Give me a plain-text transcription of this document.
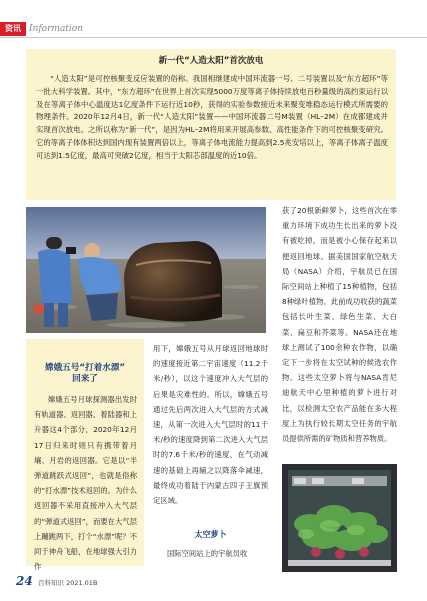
资讯 Information
新一代“人造太阳”首次放电
“人造太阳”是可控核聚变反应装置的俗称。我国相继建成中国环流器一号、二号装置以及“东方超环”等一批大科学装置。其中，“东方超环”在世界上首次实现5000万度等离子体持续放电百秒量级的高约束运行以及在等离子体中心温度达1亿度条件下运行近10秒，获得的实验参数接近未来聚变堆稳态运行模式所需要的物理条件。2020年12月4日，新一代“人造太阳”装置——中国环流器二号M装置（HL–2M）在成都建成并实现首次放电。之所以称为“新一代”，是因为HL–2M将用来开展高参数、高性能条件下的可控核聚变研究。它的等离子体体积达到国内现有装置两倍以上，等离子体电流能力提高到2.5兆安培以上，等离子体离子温度可达到1.5亿度，最高可突破2亿度，相当于太阳芯部温度的近10倍。
获了20根新鲜萝卜，这些首次在零重力环境下成功生长出来的萝卜没有被吃掉，而是被小心保存起来以便返回地球。据美国国家航空航天局（NASA）介绍，宇航员已在国际空间站上种植了15种植物，包括8种绿叶植物。此前成功收获的蔬菜包括长叶生菜、绿色生菜、大白菜、扁豆和芥菜等。NASA还在地球上测试了100余种农作物，以确定下一步将在太空试种的候选农作物。这些太空萝卜将与NASA肯尼迪航天中心里种植的萝卜进行对比，以检测太空农产品能在多大程度上为执行较长期太空任务的宇航员提供所需的矿物质和营养物质。
嫦娥五号“打着水漂”
回来了
嫦娥五号月球探测器出发时有轨道器、返回器、着陆器和上升器这4个部分，2020年12月17日归来时则只有携带着月壤、月岩的返回器。它是以“半弹道跳跃式返回”，也就是俗称的“打水漂”技术返回的。为什么返回器不采用直接冲入大气层的“弹道式返回”，而要在大气层上蹦跳两下，打个“水漂”呢？不同于神舟飞船，在地球强大引力作
用下，嫦娥五号从月球返回地球时的速度接近第二宇宙速度（11.2千米/秒），以这个速度冲入大气层的后果是灾难性的。所以，嫦娥五号通过先后两次进入大气层的方式减速，从第一次进入大气层时的11千米/秒的速度降到第二次进入大气层时的7.6千米/秒的速度，在气动减速的基础上再辅之以降落伞减速，最终成功着陆于内蒙古四子王旗预定区域。
太空萝卜
国际空间站上的宇航员收
24 百科知识 2021.01B
